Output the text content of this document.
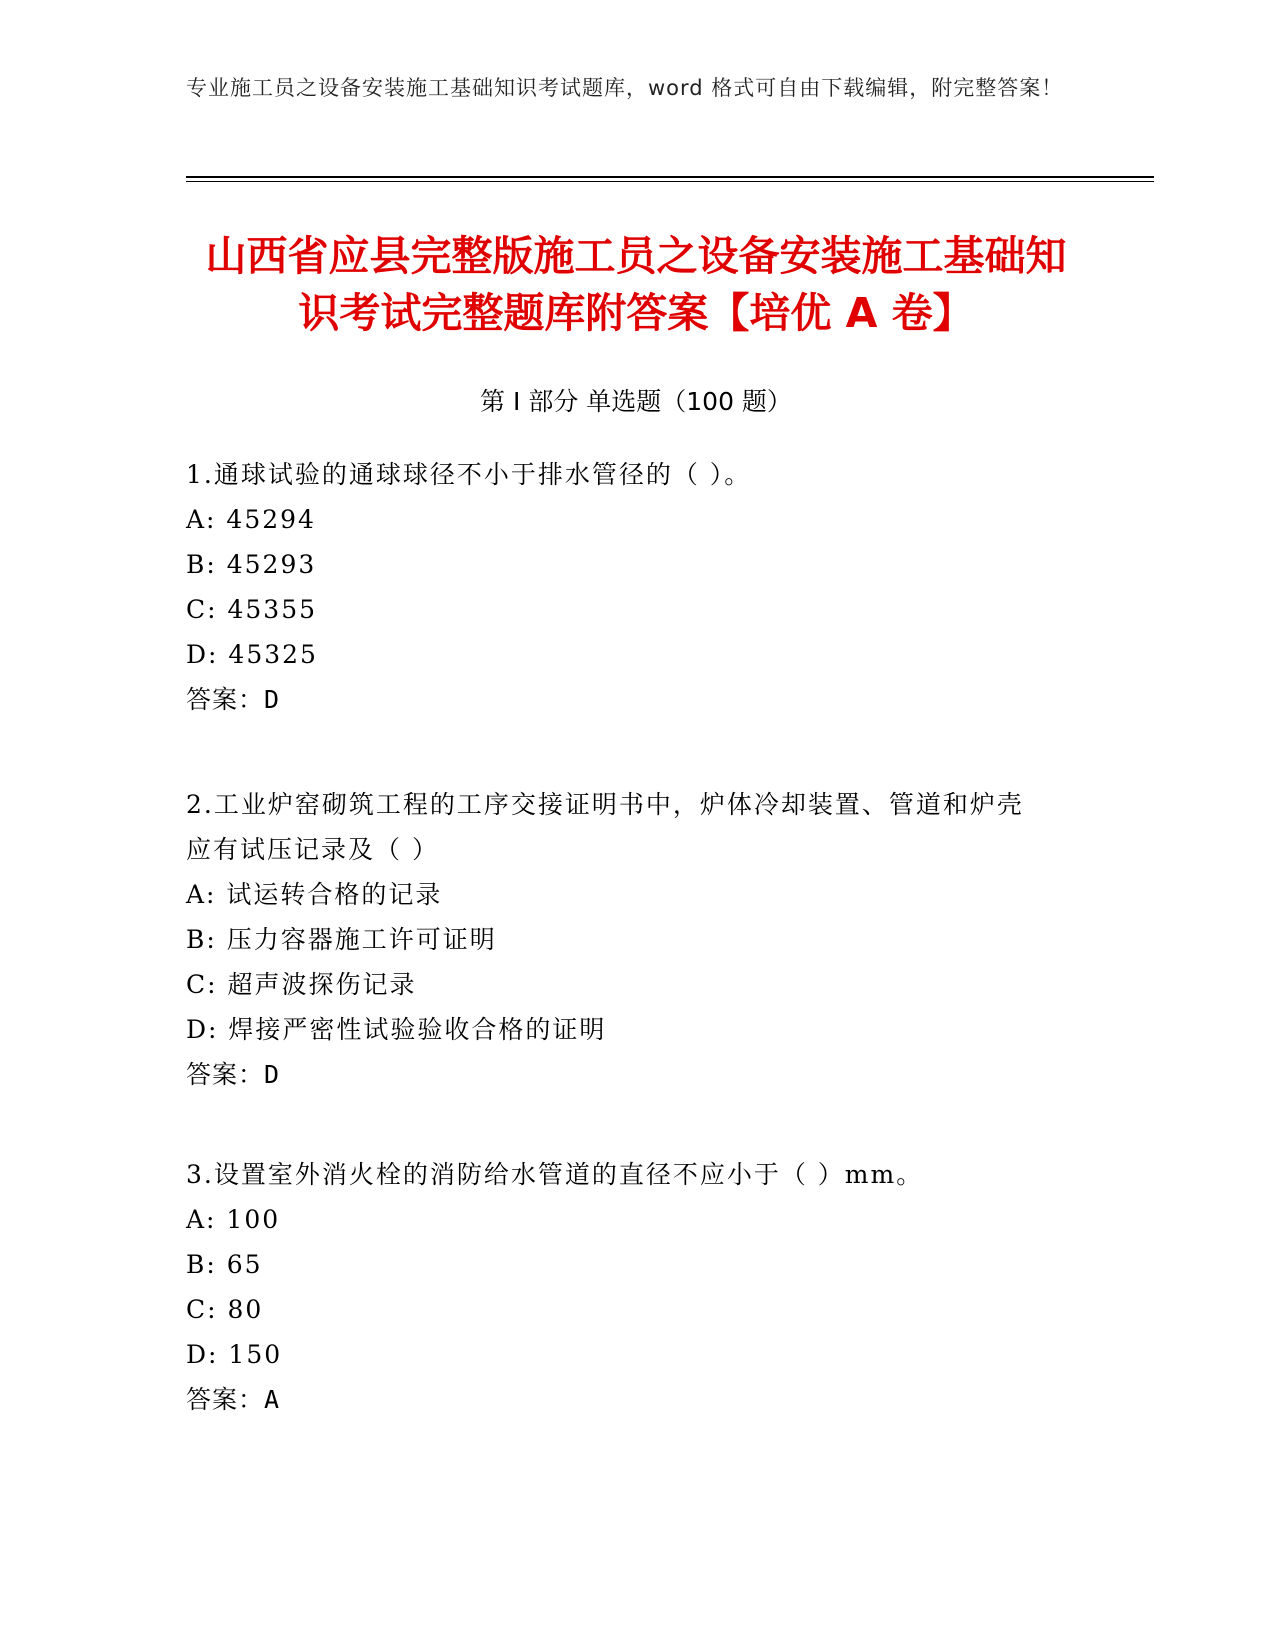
专业施工员之设备安装施工基础知识考试题库，word 格式可自由下载编辑，附完整答案！
山西省应县完整版施工员之设备安装施工基础知识考试完整题库附答案【培优 A 卷】
第 I 部分 单选题（100 题）

1.通球试验的通球球径不小于排水管径的（ ）。

A: 45294

B: 45293

C: 45355

D: 45325

答案：D

2.工业炉窑砌筑工程的工序交接证明书中，炉体冷却装置、管道和炉壳应有试压记录及（ ）

A: 试运转合格的记录

B: 压力容器施工许可证明

C: 超声波探伤记录

D: 焊接严密性试验验收合格的证明

答案：D

3.设置室外消火栓的消防给水管道的直径不应小于（ ）mm。

A: 100

B: 65

C: 80

D: 150

答案：A
